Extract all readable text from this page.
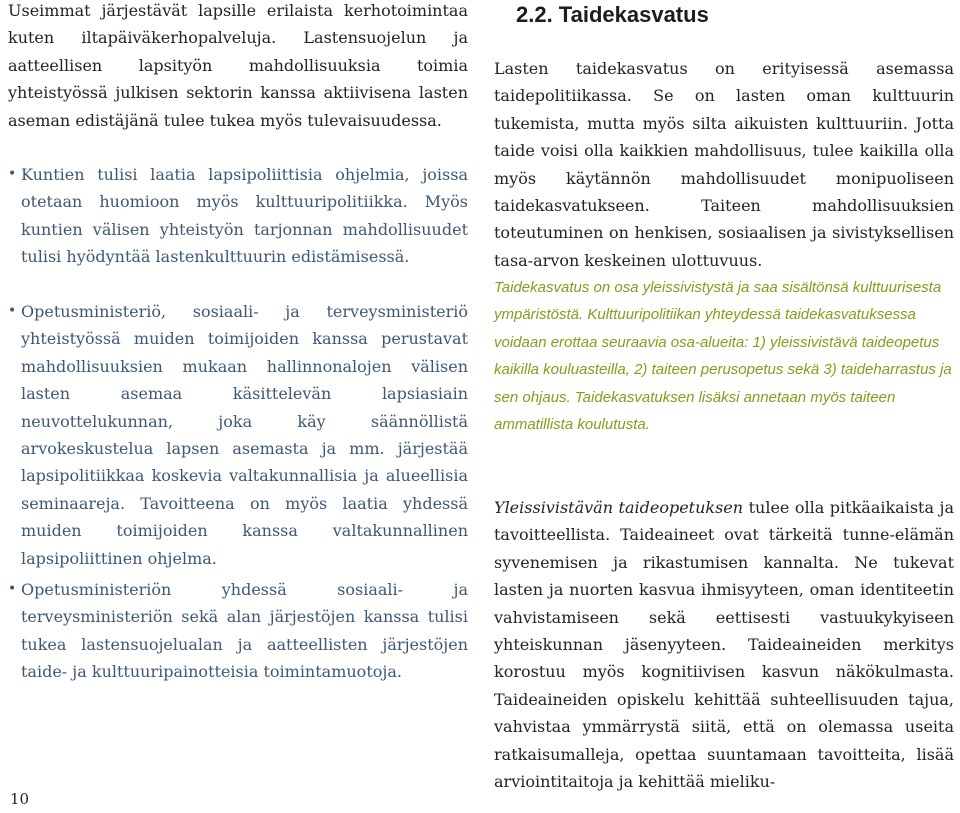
Useimmat järjestävät lapsille erilaista kerhotoimintaa kuten iltapäiväkerhopalveluja. Lastensuojelun ja aatteellisen lapsityön mahdollisuuksia toimia yhteistyössä julkisen sektorin kanssa aktiivisena lasten aseman edistäjänä tulee tukea myös tulevaisuudessa.

• Kuntien tulisi laatia lapsipoliittisia ohjelmia, joissa otetaan huomioon myös kulttuuripolitiikka. Myös kuntien välisen yhteistyön tarjonnan mahdollisuudet tulisi hyödyntää lastenkulttuurin edistämisessä.

• Opetusministeriö, sosiaali- ja terveysministeriö yhteistyössä muiden toimijoiden kanssa perustavat mahdollisuuksien mukaan hallinnonalojen välisen lasten asemaa käsittelevän lapsiasiain neuvottelukunnan, joka käy säännöllistä arvokeskustelua lapsen asemasta ja mm. järjestää lapsipolitiikkaa koskevia valtakunnallisia ja alueellisia seminaareja. Tavoitteena on myös laatia yhdessä muiden toimijoiden kanssa valtakunnallinen lapsipoliittinen ohjelma.

• Opetusministeriön yhdessä sosiaali- ja terveysministeriön sekä alan järjestöjen kanssa tulisi tukea lastensuojelualan ja aatteellisten järjestöjen taide- ja kulttuuripainotteisia toimintamuotoja.

2.2. Taidekasvatus

Lasten taidekasvatus on erityisessä asemassa taidepolitiikassa. Se on lasten oman kulttuurin tukemista, mutta myös silta aikuisten kulttuuriin. Jotta taide voisi olla kaikkien mahdollisuus, tulee kaikilla olla myös käytännön mahdollisuudet monipuoliseen taidekasvatukseen. Taiteen mahdollisuuksien toteutuminen on henkisen, sosiaalisen ja sivistyksellisen tasa-arvon keskeinen ulottuvuus.

Taidekasvatus on osa yleissivistystä ja saa sisältönsä kulttuurisesta ympäristöstä. Kulttuuripolitiikan yhteydessä taidekasvatuksessa voidaan erottaa seuraavia osa-alueita: 1) yleissivistävä taideopetus kaikilla kouluasteilla, 2) taiteen perusopetus sekä 3) taideharrastus ja sen ohjaus. Taidekasvatuksen lisäksi annetaan myös taiteen ammatillista koulutusta.

Yleissivistävän taideopetuksen tulee olla pitkäaikaista ja tavoitteellista. Taideaineet ovat tärkeitä tunne-elämän syvenemisen ja rikastumisen kannalta. Ne tukevat lasten ja nuorten kasvua ihmisyyteen, oman identiteetin vahvistamiseen sekä eettisesti vastuukykyiseen yhteiskunnan jäsenyyteen. Taideaineiden merkitys korostuu myös kognitiivisen kasvun näkökulmasta. Taideaineiden opiskelu kehittää suhteellisuuden tajua, vahvistaa ymmärrystä siitä, että on olemassa useita ratkaisumalleja, opettaa suuntamaan tavoitteita, lisää arviointitaitoja ja kehittää mieliku-

10
